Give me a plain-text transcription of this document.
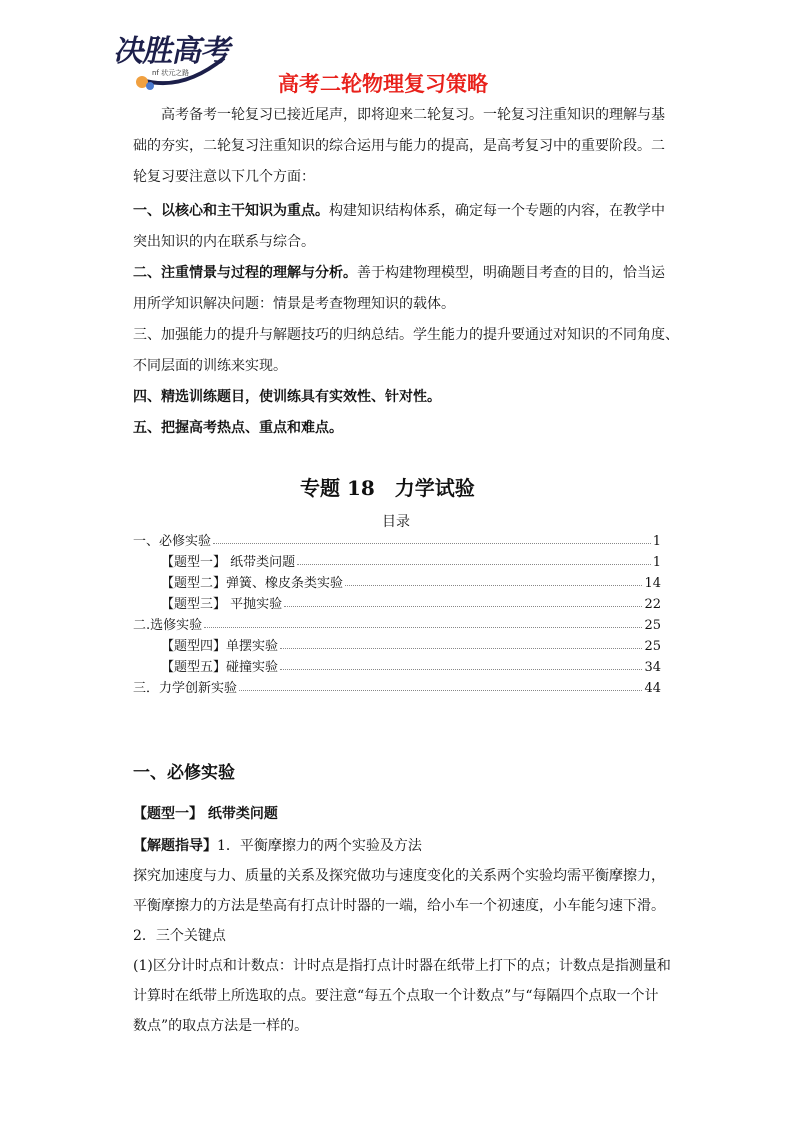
决胜高考
nf 状元之路	高考二轮物理复习策略
高考备考一轮复习已接近尾声，即将迎来二轮复习。一轮复习注重知识的理解与基
础的夯实，二轮复习注重知识的综合运用与能力的提高，是高考复习中的重要阶段。二
轮复习要注意以下几个方面：
一、以核心和主干知识为重点。构建知识结构体系，确定每一个专题的内容，在教学中
突出知识的内在联系与综合。
二、注重情景与过程的理解与分析。善于构建物理模型，明确题目考查的目的，恰当运
用所学知识解决问题：情景是考查物理知识的载体。
三、加强能力的提升与解题技巧的归纳总结。学生能力的提升要通过对知识的不同角度、
不同层面的训练来实现。
四、精选训练题目，使训练具有实效性、针对性。
五、把握高考热点、重点和难点。
专题 18　力学试验
目录
一、必修实验	1
【题型一】 纸带类问题	1
【题型二】弹簧、橡皮条类实验	14
【题型三】 平抛实验	22
二.选修实验	25
【题型四】单摆实验	25
【题型五】碰撞实验	34
三．力学创新实验	44
一、必修实验
【题型一】 纸带类问题
【解题指导】1．平衡摩擦力的两个实验及方法
探究加速度与力、质量的关系及探究做功与速度变化的关系两个实验均需平衡摩擦力，
平衡摩擦力的方法是垫高有打点计时器的一端，给小车一个初速度，小车能匀速下滑。
2．三个关键点
(1)区分计时点和计数点：计时点是指打点计时器在纸带上打下的点；计数点是指测量和
计算时在纸带上所选取的点。要注意“每五个点取一个计数点”与“每隔四个点取一个计
数点”的取点方法是一样的。
